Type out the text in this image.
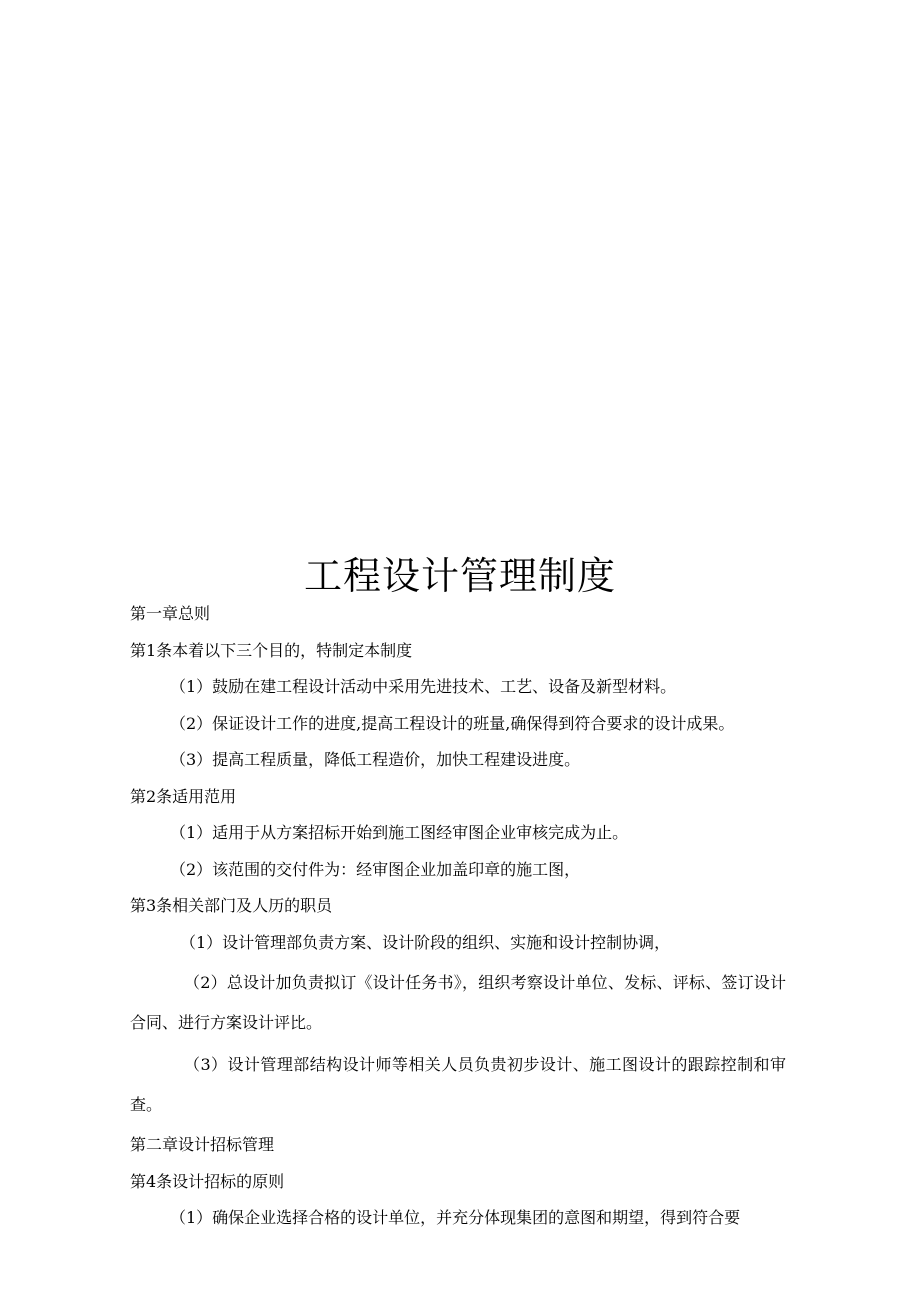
工程设计管理制度

第一章总则

第1条本着以下三个目的，特制定本制度

（1）鼓励在建工程设计活动中采用先进技术、工艺、设备及新型材料。

（2）保证设计工作的进度,提高工程设计的班量,确保得到符合要求的设计成果。

（3）提高工程质量，降低工程造价，加快工程建设进度。

第2条适用范用

（1）适用于从方案招标开始到施工图经审图企业审核完成为止。

（2）该范围的交付件为：经审图企业加盖印章的施工图，

第3条相关部门及人历的职员

（1）设计管理部负责方案、设计阶段的组织、实施和设计控制协调，

（2）总设计加负责拟订《设计任务书》，组织考察设计单位、发标、评标、签订设计合同、进行方案设计评比。

（3）设计管理部结构设计师等相关人员负贵初步设计、施工图设计的跟踪控制和审查。

第二章设计招标管理

第4条设计招标的原则

（1）确保企业选择合格的设计单位，并充分体现集团的意图和期望，得到符合要
